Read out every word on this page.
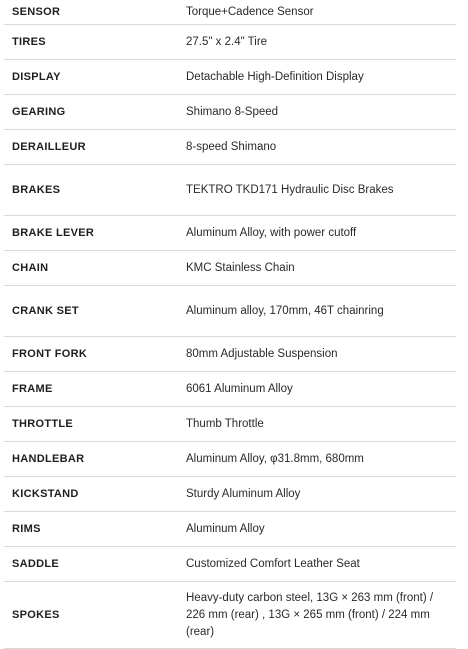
SENSOR	Torque+Cadence Sensor
TIRES	27.5" x 2.4" Tire
DISPLAY	Detachable High-Definition Display
GEARING	Shimano 8-Speed
DERAILLEUR	8-speed Shimano
BRAKES	TEKTRO TKD171 Hydraulic Disc Brakes
BRAKE LEVER	Aluminum Alloy, with power cutoff
CHAIN	KMC Stainless Chain
CRANK SET	Aluminum alloy, 170mm, 46T chainring
FRONT FORK	80mm Adjustable Suspension
FRAME	6061 Aluminum Alloy
THROTTLE	Thumb Throttle
HANDLEBAR	Aluminum Alloy, φ31.8mm, 680mm
KICKSTAND	Sturdy Aluminum Alloy
RIMS	Aluminum Alloy
SADDLE	Customized Comfort Leather Seat
SPOKES	Heavy-duty carbon steel, 13G × 263 mm (front) / 226 mm (rear) , 13G × 265 mm (front) / 224 mm (rear)
